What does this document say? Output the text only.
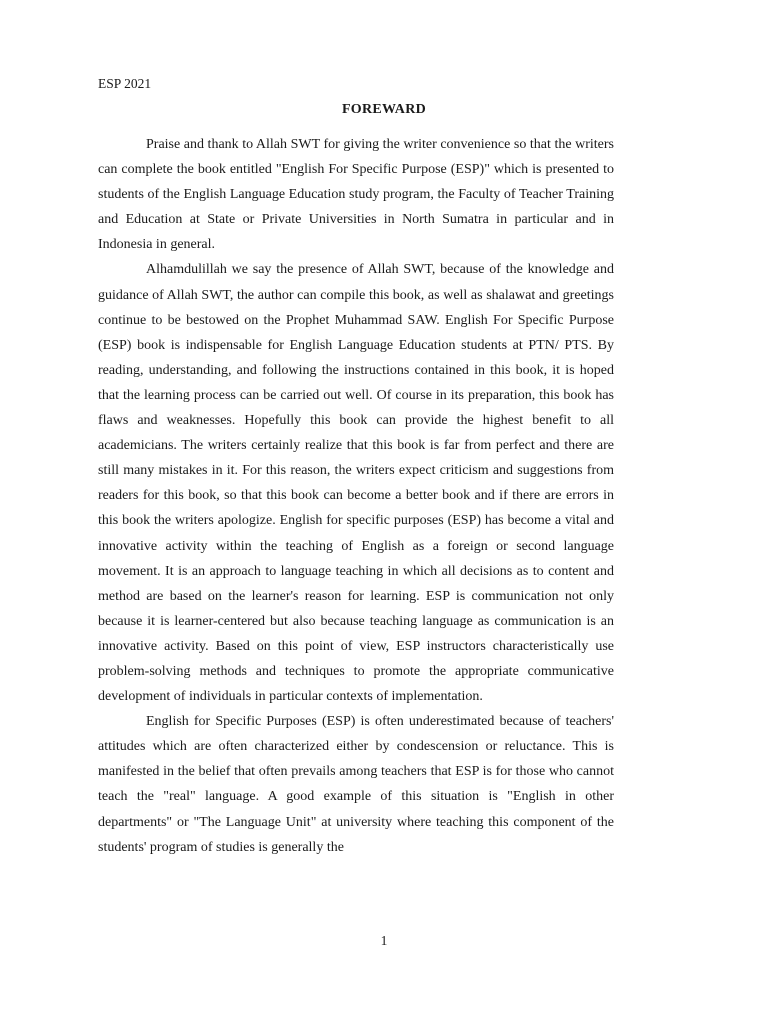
ESP 2021
FOREWARD

Praise and thank to Allah SWT for giving the writer convenience so that the writers can complete the book entitled "English For Specific Purpose (ESP)" which is presented to students of the English Language Education study program, the Faculty of Teacher Training and Education at State or Private Universities in North Sumatra in particular and in Indonesia in general.

Alhamdulillah we say the presence of Allah SWT, because of the knowledge and guidance of Allah SWT, the author can compile this book, as well as shalawat and greetings continue to be bestowed on the Prophet Muhammad SAW. English For Specific Purpose (ESP) book is indispensable for English Language Education students at PTN/ PTS. By reading, understanding, and following the instructions contained in this book, it is hoped that the learning process can be carried out well. Of course in its preparation, this book has flaws and weaknesses. Hopefully this book can provide the highest benefit to all academicians. The writers certainly realize that this book is far from perfect and there are still many mistakes in it. For this reason, the writers expect criticism and suggestions from readers for this book, so that this book can become a better book and if there are errors in this book the writers apologize. English for specific purposes (ESP) has become a vital and innovative activity within the teaching of English as a foreign or second language movement. It is an approach to language teaching in which all decisions as to content and method are based on the learner's reason for learning. ESP is communication not only because it is learner-centered but also because teaching language as communication is an innovative activity. Based on this point of view, ESP instructors characteristically use problem-solving methods and techniques to promote the appropriate communicative development of individuals in particular contexts of implementation.

English for Specific Purposes (ESP) is often underestimated because of teachers' attitudes which are often characterized either by condescension or reluctance. This is manifested in the belief that often prevails among teachers that ESP is for those who cannot teach the "real" language. A good example of this situation is "English in other departments" or "The Language Unit" at university where teaching this component of the students' program of studies is generally the

1
